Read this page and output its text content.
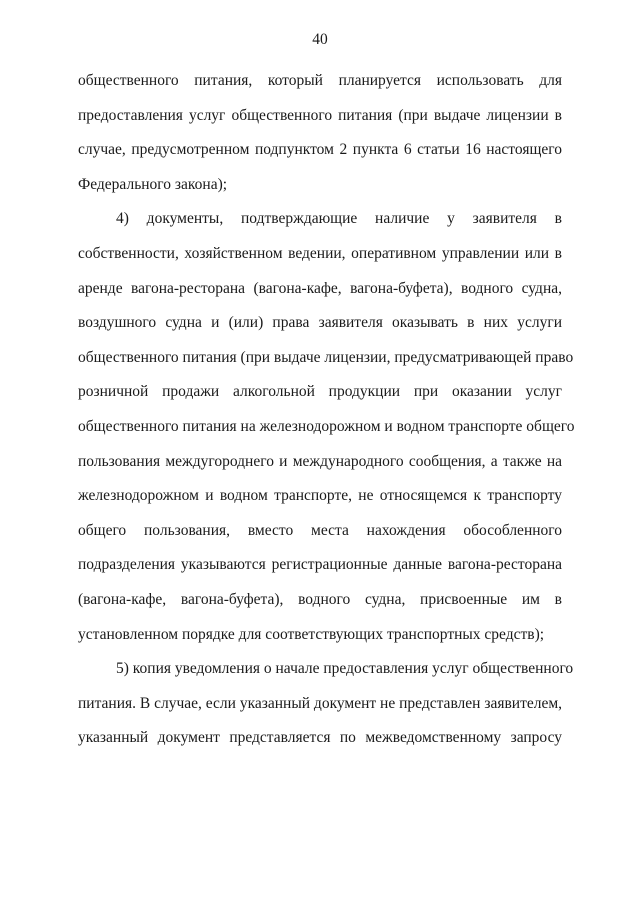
40
общественного питания, который планируется использовать для
предоставления услуг общественного питания (при выдаче лицензии в
случае, предусмотренном подпунктом 2 пункта 6 статьи 16 настоящего
Федерального закона);
4) документы, подтверждающие наличие у заявителя в
собственности, хозяйственном ведении, оперативном управлении или в
аренде вагона-ресторана (вагона-кафе, вагона-буфета), водного судна,
воздушного судна и (или) права заявителя оказывать в них услуги
общественного питания (при выдаче лицензии, предусматривающей право
розничной продажи алкогольной продукции при оказании услуг
общественного питания на железнодорожном и водном транспорте общего
пользования междугороднего и международного сообщения, а также на
железнодорожном и водном транспорте, не относящемся к транспорту
общего пользования, вместо места нахождения обособленного
подразделения указываются регистрационные данные вагона-ресторана
(вагона-кафе, вагона-буфета), водного судна, присвоенные им в
установленном порядке для соответствующих транспортных средств);
5) копия уведомления о начале предоставления услуг общественного
питания. В случае, если указанный документ не представлен заявителем,
указанный документ представляется по межведомственному запросу
